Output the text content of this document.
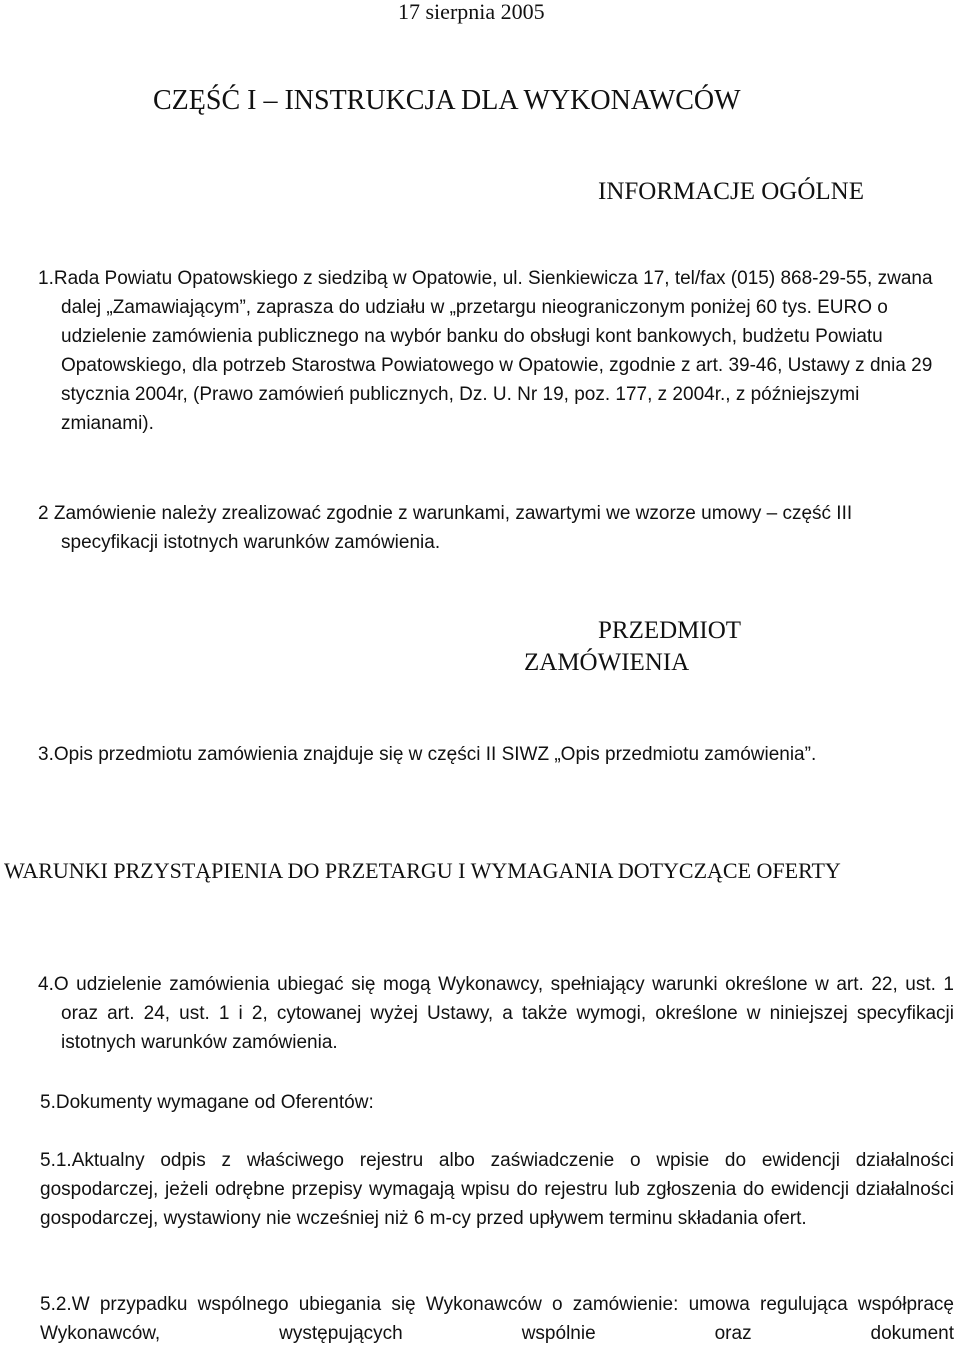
17 sierpnia 2005
CZĘŚĆ I – INSTRUKCJA DLA WYKONAWCÓW
INFORMACJE OGÓLNE
1.Rada Powiatu Opatowskiego z siedzibą w Opatowie, ul. Sienkiewicza 17, tel/fax (015) 868-29-55, zwana dalej „Zamawiającym”, zaprasza do udziału w „przetargu nieograniczonym poniżej 60 tys. EURO o udzielenie zamówienia publicznego na wybór banku do obsługi kont bankowych, budżetu Powiatu Opatowskiego, dla potrzeb Starostwa Powiatowego w Opatowie, zgodnie z art. 39-46, Ustawy z dnia 29 stycznia 2004r, (Prawo zamówień publicznych, Dz. U. Nr 19, poz. 177, z 2004r., z późniejszymi zmianami).
2 Zamówienie należy zrealizować zgodnie z warunkami, zawartymi we wzorze umowy – część III specyfikacji istotnych warunków zamówienia.
PRZEDMIOT
ZAMÓWIENIA
3.Opis przedmiotu zamówienia znajduje się w części II SIWZ „Opis przedmiotu zamówienia”.
WARUNKI PRZYSTĄPIENIA DO PRZETARGU I WYMAGANIA DOTYCZĄCE OFERTY
4.O udzielenie zamówienia ubiegać się mogą Wykonawcy, spełniający warunki określone w art. 22, ust. 1 oraz art. 24, ust. 1 i 2, cytowanej wyżej Ustawy, a także wymogi, określone w niniejszej specyfikacji istotnych warunków zamówienia.
5.Dokumenty wymagane od Oferentów:
5.1.Aktualny odpis z właściwego rejestru albo zaświadczenie o wpisie do ewidencji działalności gospodarczej, jeżeli odrębne przepisy wymagają wpisu do rejestru lub zgłoszenia do ewidencji działalności gospodarczej, wystawiony nie wcześniej niż 6 m-cy przed upływem terminu składania ofert.
5.2.W przypadku wspólnego ubiegania się Wykonawców o zamówienie: umowa regulująca współpracę Wykonawców, występujących wspólnie oraz dokument
